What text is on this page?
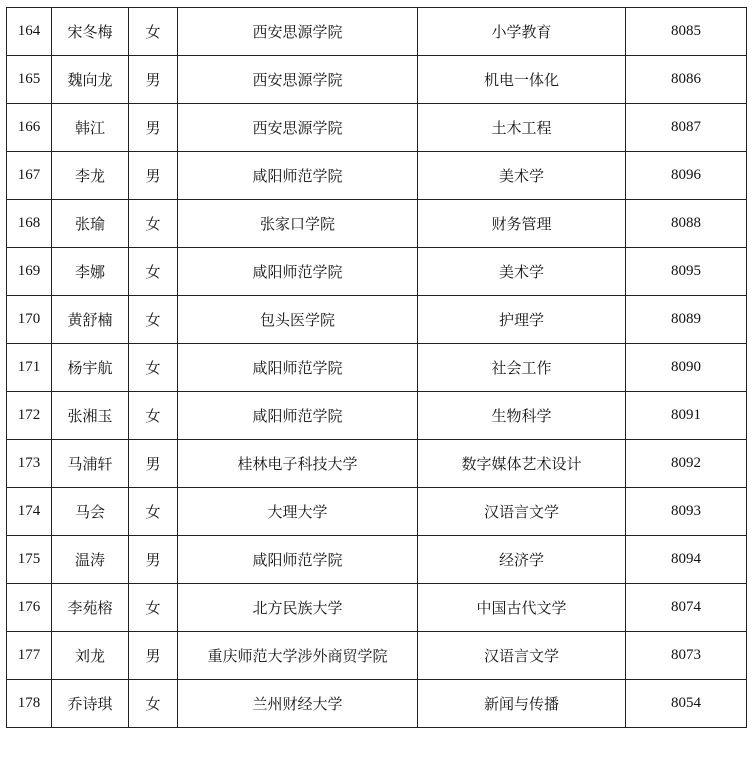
164	宋冬梅	女	西安思源学院	小学教育	8085
165	魏向龙	男	西安思源学院	机电一体化	8086
166	韩江	男	西安思源学院	土木工程	8087
167	李龙	男	咸阳师范学院	美术学	8096
168	张瑜	女	张家口学院	财务管理	8088
169	李娜	女	咸阳师范学院	美术学	8095
170	黄舒楠	女	包头医学院	护理学	8089
171	杨宇航	女	咸阳师范学院	社会工作	8090
172	张湘玉	女	咸阳师范学院	生物科学	8091
173	马浦轩	男	桂林电子科技大学	数字媒体艺术设计	8092
174	马会	女	大理大学	汉语言文学	8093
175	温涛	男	咸阳师范学院	经济学	8094
176	李苑榕	女	北方民族大学	中国古代文学	8074
177	刘龙	男	重庆师范大学涉外商贸学院	汉语言文学	8073
178	乔诗琪	女	兰州财经大学	新闻与传播	8054
